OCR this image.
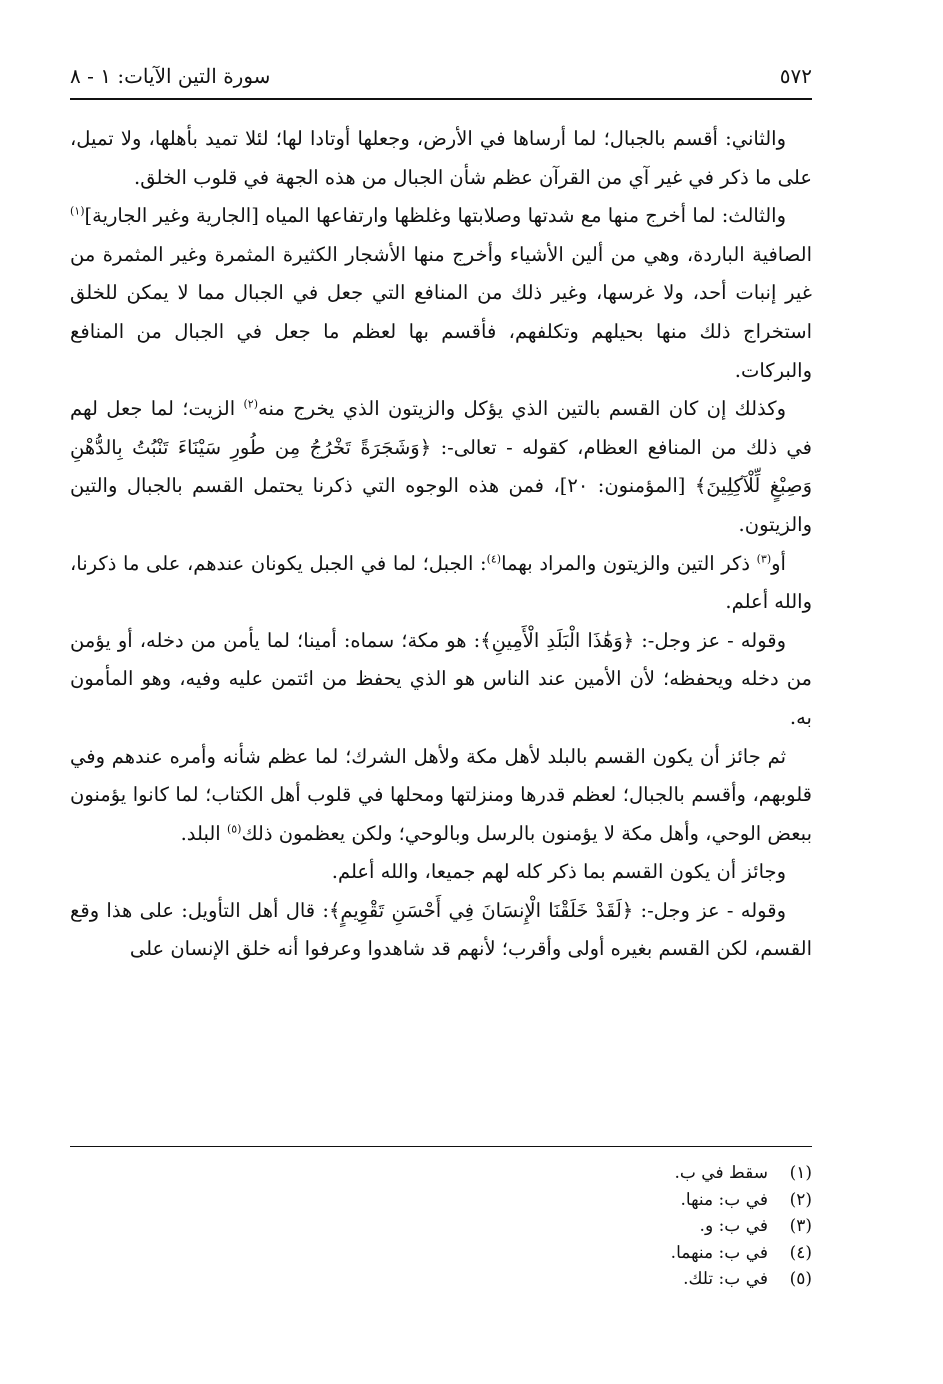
٥٧٢
سورة التين الآيات: ١ - ٨

والثاني: أقسم بالجبال؛ لما أرساها في الأرض، وجعلها أوتادا لها؛ لئلا تميد بأهلها، ولا تميل، على ما ذكر في غير آي من القرآن عظم شأن الجبال من هذه الجهة في قلوب الخلق.

والثالث: لما أخرج منها مع شدتها وصلابتها وغلظها وارتفاعها المياه [الجارية وغير الجارية]$^{(١)}$ الصافية الباردة، وهي من ألين الأشياء وأخرج منها الأشجار الكثيرة المثمرة وغير المثمرة من غير إنبات أحد، ولا غرسها، وغير ذلك من المنافع التي جعل في الجبال مما لا يمكن للخلق استخراج ذلك منها بحيلهم وتكلفهم، فأقسم بها لعظم ما جعل في الجبال من المنافع والبركات.

وكذلك إن كان القسم بالتين الذي يؤكل والزيتون الذي يخرج منه$^{(٢)}$ الزيت؛ لما جعل لهم في ذلك من المنافع العظام، كقوله - تعالى-: ﴿وَشَجَرَةً تَخْرُجُ مِن طُورِ سَيْنَاءَ تَنْبُتُ بِالدُّهْنِ وَصِبْغٍ لِّلْآكِلِينَ﴾ [المؤمنون: ٢٠]، فمن هذه الوجوه التي ذكرنا يحتمل القسم بالجبال والتين والزيتون.

أو$^{(٣)}$ ذكر التين والزيتون والمراد بهما$^{(٤)}$: الجبل؛ لما في الجبل يكونان عندهم، على ما ذكرنا، والله أعلم.

وقوله - عز وجل-: ﴿وَهَٰذَا الْبَلَدِ الْأَمِينِ﴾: هو مكة؛ سماه: أمينا؛ لما يأمن من دخله، أو يؤمن من دخله ويحفظه؛ لأن الأمين عند الناس هو الذي يحفظ من ائتمن عليه وفيه، وهو المأمون به.

ثم جائز أن يكون القسم بالبلد لأهل مكة ولأهل الشرك؛ لما عظم شأنه وأمره عندهم وفي قلوبهم، وأقسم بالجبال؛ لعظم قدرها ومنزلتها ومحلها في قلوب أهل الكتاب؛ لما كانوا يؤمنون ببعض الوحي، وأهل مكة لا يؤمنون بالرسل وبالوحي؛ ولكن يعظمون ذلك$^{(٥)}$ البلد.

وجائز أن يكون القسم بما ذكر كله لهم جميعا، والله أعلم.

وقوله - عز وجل-: ﴿لَقَدْ خَلَقْنَا الْإِنسَانَ فِي أَحْسَنِ تَقْوِيمٍ﴾: قال أهل التأويل: على هذا وقع القسم، لكن القسم بغيره أولى وأقرب؛ لأنهم قد شاهدوا وعرفوا أنه خلق الإنسان على

(١)
سقط في ب.
(٢)
في ب: منها.
(٣)
في ب: و.
(٤)
في ب: منهما.
(٥)
في ب: تلك.
